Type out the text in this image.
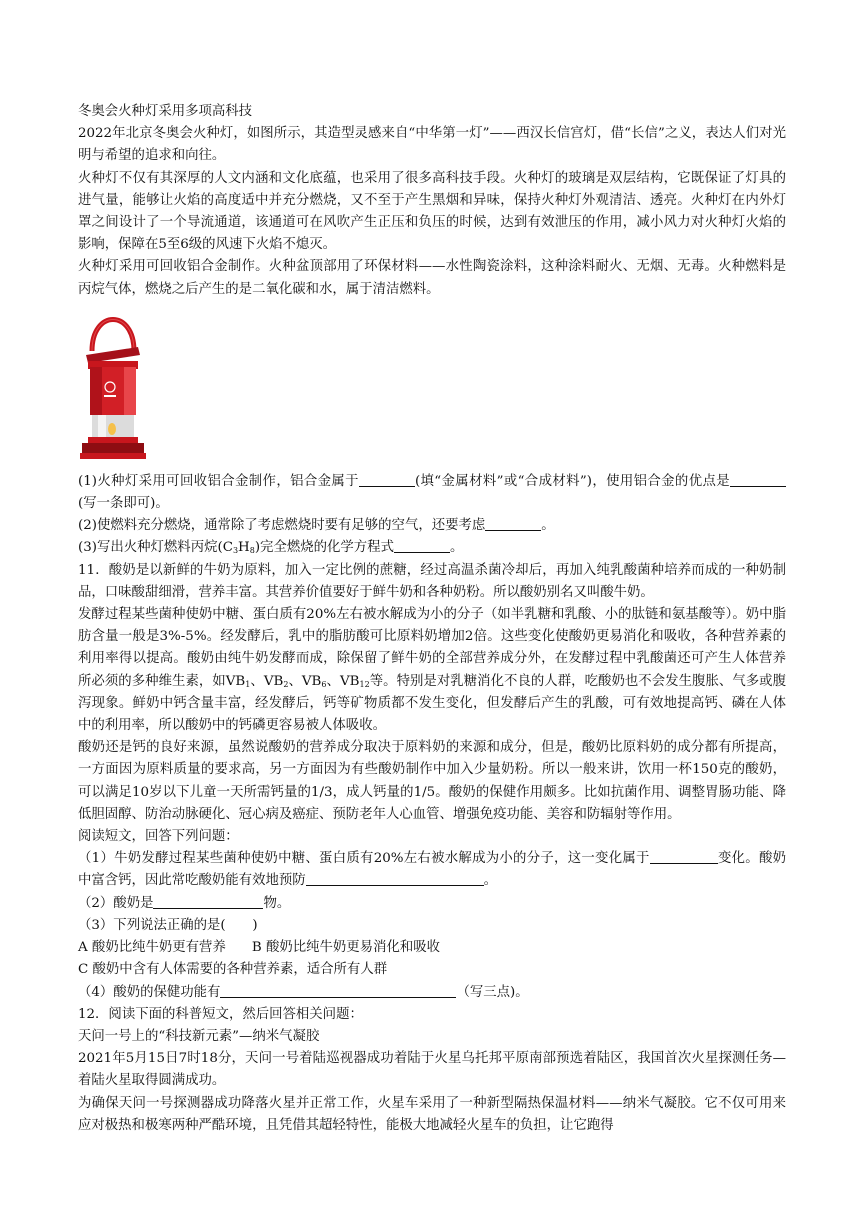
冬奥会火种灯采用多项高科技

2022年北京冬奥会火种灯，如图所示，其造型灵感来自“中华第一灯”——西汉长信宫灯，借“长信”之义，表达人们对光明与希望的追求和向往。

火种灯不仅有其深厚的人文内涵和文化底蕴，也采用了很多高科技手段。火种灯的玻璃是双层结构，它既保证了灯具的进气量，能够让火焰的高度适中并充分燃烧，又不至于产生黑烟和异味，保持火种灯外观清洁、透亮。火种灯在内外灯罩之间设计了一个导流通道，该通道可在风吹产生正压和负压的时候，达到有效泄压的作用，减小风力对火种灯火焰的影响，保障在5至6级的风速下火焰不熄灭。

火种灯采用可回收铝合金制作。火种盆顶部用了环保材料——水性陶瓷涂料，这种涂料耐火、无烟、无毒。火种燃料是丙烷气体，燃烧之后产生的是二氧化碳和水，属于清洁燃料。

(1)火种灯采用可回收铝合金制作，铝合金属于	(填“金属材料”或“合成材料”)，使用铝合金的优点是(写一条即可)。

(2)使燃料充分燃烧，通常除了考虑燃烧时要有足够的空气，还要考虑	。

(3)写出火种灯燃料丙烷$(C_3H_8)$完全燃烧的化学方程式	。

11．酸奶是以新鲜的牛奶为原料，加入一定比例的蔗糖，经过高温杀菌冷却后，再加入纯乳酸菌种培养而成的一种奶制品，口味酸甜细滑，营养丰富。其营养价值要好于鲜牛奶和各种奶粉。所以酸奶别名又叫酸牛奶。

发酵过程某些菌种使奶中糖、蛋白质有20%左右被水解成为小的分子（如半乳糖和乳酸、小的肽链和氨基酸等）。奶中脂肪含量一般是3%-5%。经发酵后，乳中的脂肪酸可比原料奶增加2倍。这些变化使酸奶更易消化和吸收，各种营养素的利用率得以提高。酸奶由纯牛奶发酵而成，除保留了鲜牛奶的全部营养成分外，在发酵过程中乳酸菌还可产生人体营养所必须的多种维生素，如$VB_1$、$VB_2$、$VB_6$、$VB_{12}$等。特别是对乳糖消化不良的人群，吃酸奶也不会发生腹胀、气多或腹泻现象。鲜奶中钙含量丰富，经发酵后，钙等矿物质都不发生变化，但发酵后产生的乳酸，可有效地提高钙、磷在人体中的利用率，所以酸奶中的钙磷更容易被人体吸收。

酸奶还是钙的良好来源，虽然说酸奶的营养成分取决于原料奶的来源和成分，但是，酸奶比原料奶的成分都有所提高，一方面因为原料质量的要求高，另一方面因为有些酸奶制作中加入少量奶粉。所以一般来讲，饮用一杯150克的酸奶，可以满足10岁以下儿童一天所需钙量的1/3，成人钙量的1/5。酸奶的保健作用颇多。比如抗菌作用、调整胃肠功能、降低胆固醇、防治动脉硬化、冠心病及癌症、预防老年人心血管、增强免疫功能、美容和防辐射等作用。

阅读短文，回答下列问题：

（1）牛奶发酵过程某些菌种使奶中糖、蛋白质有20%左右被水解成为小的分子，这一变化属于	变化。酸奶中富含钙，因此常吃酸奶能有效地预防	。

（2）酸奶是	物。

（3）下列说法正确的是(　　)

A 酸奶比纯牛奶更有营养 B 酸奶比纯牛奶更易消化和吸收

C 酸奶中含有人体需要的各种营养素，适合所有人群

（4）酸奶的保健功能有	（写三点)。

12．阅读下面的科普短文，然后回答相关问题：

天问一号上的“科技新元素”—纳米气凝胶

2021年5月15日7时18分，天问一号着陆巡视器成功着陆于火星乌托邦平原南部预选着陆区，我国首次火星探测任务—着陆火星取得圆满成功。

为确保天问一号探测器成功降落火星并正常工作，火星车采用了一种新型隔热保温材料——纳米气凝胶。它不仅可用来应对极热和极寒两种严酷环境，且凭借其超轻特性，能极大地减轻火星车的负担，让它跑得
